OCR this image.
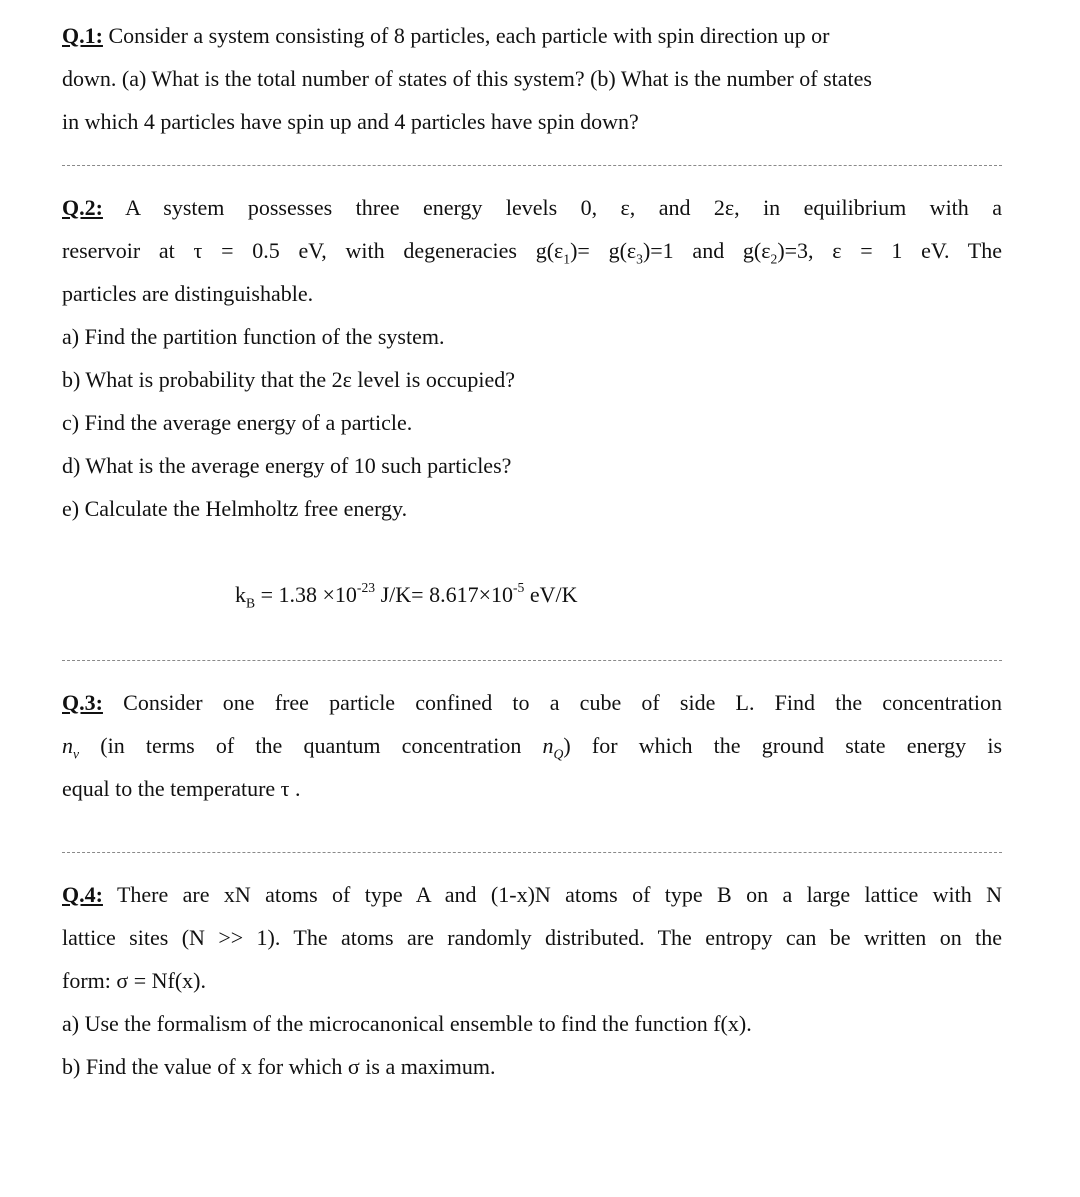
Q.1: Consider a system consisting of 8 particles, each particle with spin direction up or
down. (a) What is the total number of states of this system? (b) What is the number of states
in which 4 particles have spin up and 4 particles have spin down?
Q.2: A system possesses three energy levels 0, ε, and 2ε, in equilibrium with a
reservoir at τ = 0.5 eV, with degeneracies $g(\varepsilon_1)= g(\varepsilon_3)=1$ and $g(\varepsilon_2)=3$, ε = 1 eV. The
particles are distinguishable.
a) Find the partition function of the system.
b) What is probability that the 2ε level is occupied?
c) Find the average energy of a particle.
d) What is the average energy of 10 such particles?
e) Calculate the Helmholtz free energy.
$k_B = 1.38 \times 10^{-23}$ $J/K= 8.617\times 10^{-5}$ eV/K
Q.3: Consider one free particle confined to a cube of side L. Find the concentration
$n_v$ (in terms of the quantum concentration $n_Q$) for which the ground state energy is
equal to the temperature τ .
Q.4: There are xN atoms of type A and (1-x)N atoms of type B on a large lattice with N
lattice sites (N >> 1). The atoms are randomly distributed. The entropy can be written on the
form: σ = Nf(x).
a) Use the formalism of the microcanonical ensemble to find the function f(x).
b) Find the value of x for which σ is a maximum.
